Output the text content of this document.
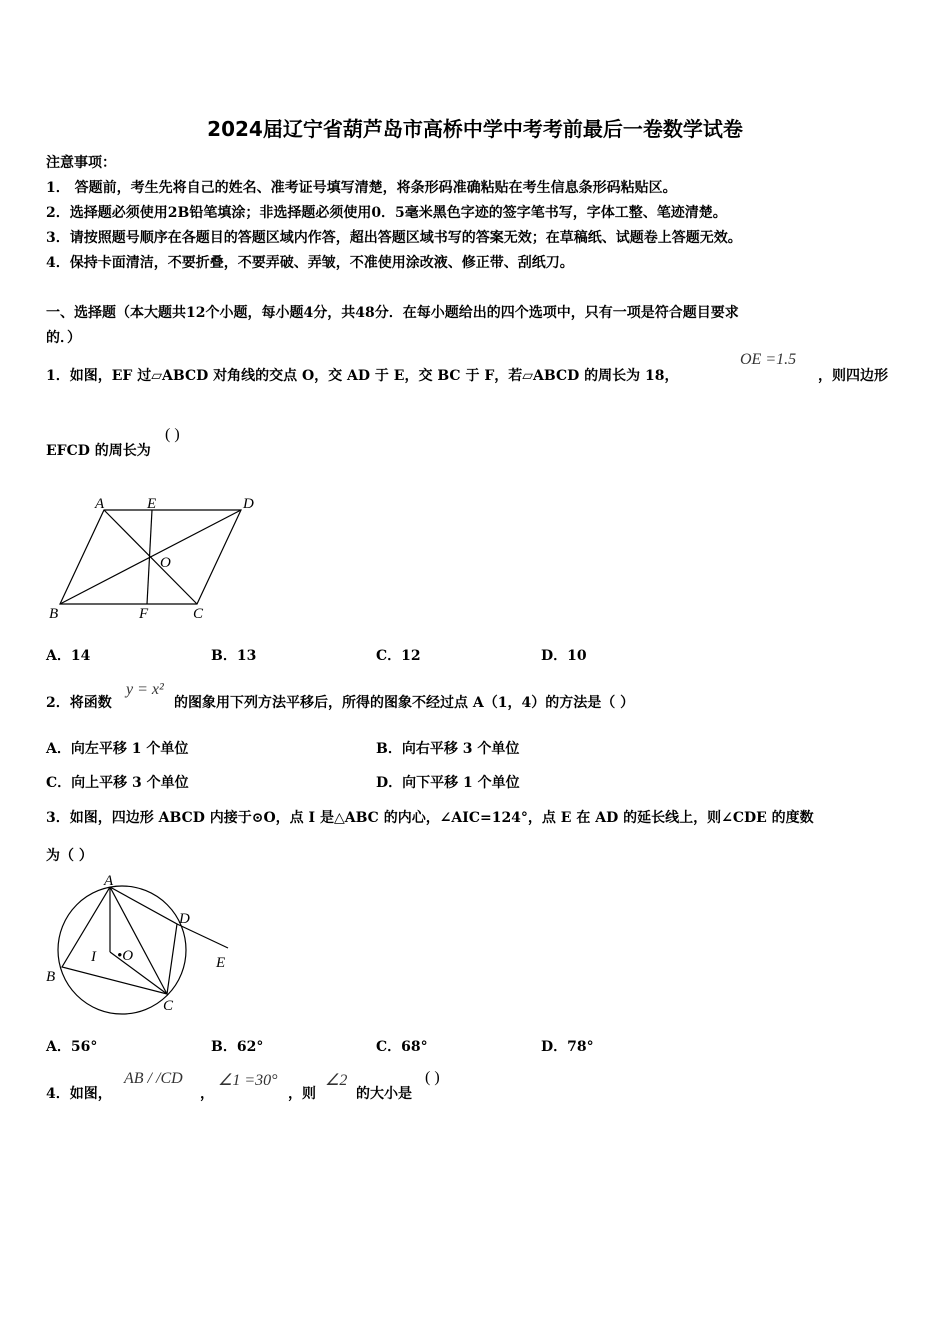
2024届辽宁省葫芦岛市高桥中学中考考前最后一卷数学试卷
注意事项：
1． 答题前，考生先将自己的姓名、准考证号填写清楚，将条形码准确粘贴在考生信息条形码粘贴区。
2．选择题必须使用2B铅笔填涂；非选择题必须使用0．5毫米黑色字迹的签字笔书写，字体工整、笔迹清楚。
3．请按照题号顺序在各题目的答题区域内作答，超出答题区域书写的答案无效；在草稿纸、试题卷上答题无效。
4．保持卡面清洁，不要折叠，不要弄破、弄皱，不准使用涂改液、修正带、刮纸刀。
一、选择题（本大题共12个小题，每小题4分，共48分．在每小题给出的四个选项中，只有一项是符合题目要求
的．）
1．如图，EF 过▱ABCD 对角线的交点 O，交 AD 于 E，交 BC 于 F，若▱ABCD 的周长为 18，
OE =1.5
，则四边形
EFCD 的周长为
( )
A	E	D
O
B	F	C
A．14	B．13	C．12	D．10
2．将函数
y = x²
的图象用下列方法平移后，所得的图象不经过点 A（1，4）的方法是（ ）
A．向左平移 1 个单位	B．向右平移 3 个单位
C．向上平移 3 个单位	D．向下平移 1 个单位
3．如图，四边形 ABCD 内接于⊙O，点 I 是△ABC 的内心，∠AIC=124°，点 E 在 AD 的延长线上，则∠CDE 的度数
为（ ）
A
D
I •O	E
B
C
A．56°	B．62°	C．68°	D．78°
4．如图，
AB / /CD
，
∠1 =30°
，则
∠2
的大小是
( )
